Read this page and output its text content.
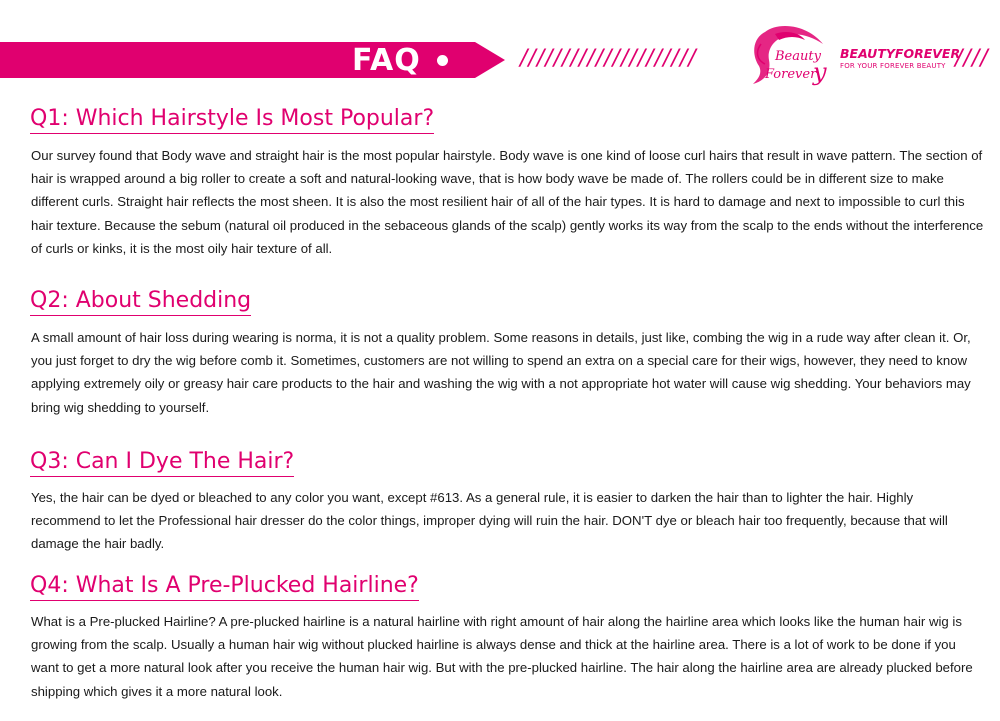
FAQ	/////////////////////	Beauty
Forever
y
BEAUTYFOREVER
FOR YOUR FOREVER BEAUTY ////
Q1: Which Hairstyle Is Most Popular?

Our survey found that Body wave and straight hair is the most popular hairstyle. Body wave is one kind of loose curl hairs that result in wave pattern. The section of hair is wrapped around a big roller to create a soft and natural-looking wave, that is how body wave be made of. The rollers could be in different size to make different curls. Straight hair reflects the most sheen. It is also the most resilient hair of all of the hair types. It is hard to damage and next to impossible to curl this hair texture. Because the sebum (natural oil produced in the sebaceous glands of the scalp) gently works its way from the scalp to the ends without the interference of curls or kinks, it is the most oily hair texture of all.

Q2: About Shedding

A small amount of hair loss during wearing is norma, it is not a quality problem. Some reasons in details, just like, combing the wig in a rude way after clean it. Or, you just forget to dry the wig before comb it. Sometimes, customers are not willing to spend an extra on a special care for their wigs, however, they need to know applying extremely oily or greasy hair care products to the hair and washing the wig with a not appropriate hot water will cause wig shedding. Your behaviors may bring wig shedding to yourself.

Q3: Can I Dye The Hair?

Yes, the hair can be dyed or bleached to any color you want, except #613. As a general rule, it is easier to darken the hair than to lighter the hair. Highly recommend to let the Professional hair dresser do the color things, improper dying will ruin the hair. DON'T dye or bleach hair too frequently, because that will damage the hair badly.

Q4: What Is A Pre-Plucked Hairline?

What is a Pre-plucked Hairline? A pre-plucked hairline is a natural hairline with right amount of hair along the hairline area which looks like the human hair wig is growing from the scalp. Usually a human hair wig without plucked hairline is always dense and thick at the hairline area. There is a lot of work to be done if you want to get a more natural look after you receive the human hair wig. But with the pre-plucked hairline. The hair along the hairline area are already plucked before shipping which gives it a more natural look.
